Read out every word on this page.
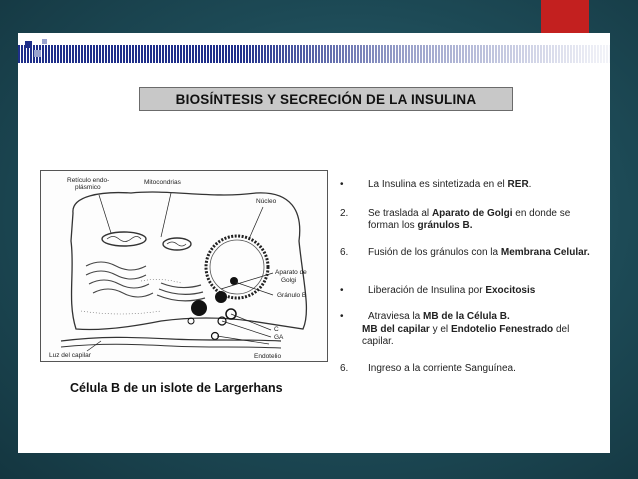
BIOSÍNTESIS Y SECRECIÓN DE LA INSULINA
Retículo endo-
plásmico
Mitocondrias
Núcleo
Aparato de
Golgi
Gránulo B
C
GA
Luz del capilar	Endotelio
Célula B de un islote de Largerhans
•	La Insulina es sintetizada en el RER.
2.	Se traslada al Aparato de Golgi en donde se forman los gránulos B.
6.	Fusión de los gránulos con la Membrana Celular.
•	Liberación de Insulina por Exocitosis
•	Atraviesa la MB de la Célula B.
MB del capilar y el Endotelio Fenestrado del capilar.
6.	Ingreso a la corriente Sanguínea.
